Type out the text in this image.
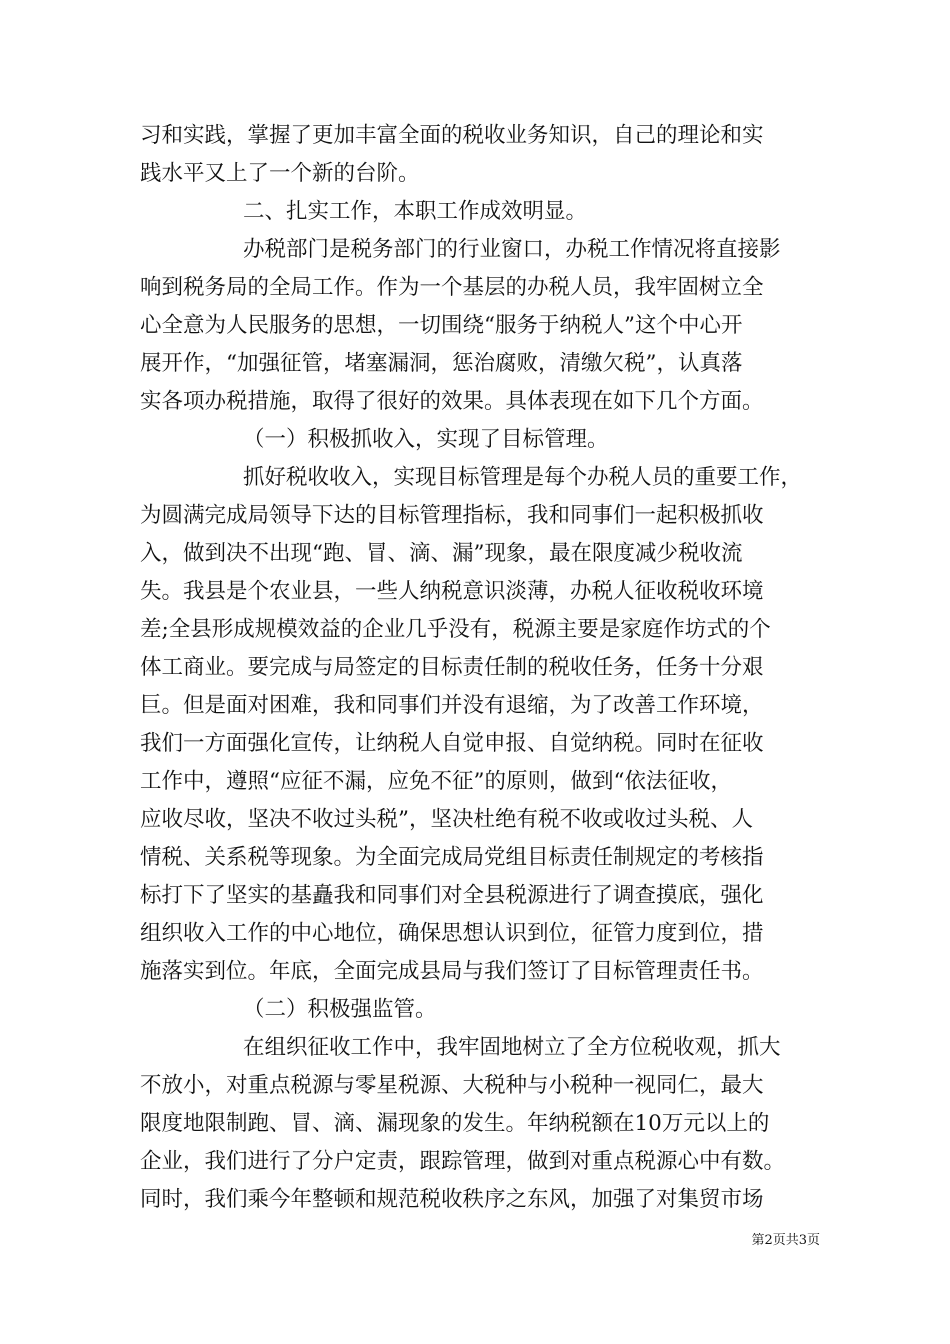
习和实践，掌握了更加丰富全面的税收业务知识，自己的理论和实
践水平又上了一个新的台阶。
二、扎实工作，本职工作成效明显。
办税部门是税务部门的行业窗口，办税工作情况将直接影
响到税务局的全局工作。作为一个基层的办税人员，我牢固树立全
心全意为人民服务的思想，一切围绕“服务于纳税人”这个中心开
展开作，“加强征管，堵塞漏洞，惩治腐败，清缴欠税”，认真落
实各项办税措施，取得了很好的效果。具体表现在如下几个方面。
（一）积极抓收入，实现了目标管理。
抓好税收收入，实现目标管理是每个办税人员的重要工作，
为圆满完成局领导下达的目标管理指标，我和同事们一起积极抓收
入，做到决不出现“跑、冒、滴、漏”现象，最在限度减少税收流
失。我县是个农业县，一些人纳税意识淡薄，办税人征收税收环境
差;全县形成规模效益的企业几乎没有，税源主要是家庭作坊式的个
体工商业。要完成与局签定的目标责任制的税收任务，任务十分艰
巨。但是面对困难，我和同事们并没有退缩，为了改善工作环境，
我们一方面强化宣传，让纳税人自觉申报、自觉纳税。同时在征收
工作中，遵照“应征不漏，应免不征”的原则，做到“依法征收，
应收尽收，坚决不收过头税”，坚决杜绝有税不收或收过头税、人
情税、关系税等现象。为全面完成局党组目标责任制规定的考核指
标打下了坚实的基矗我和同事们对全县税源进行了调查摸底，强化
组织收入工作的中心地位，确保思想认识到位，征管力度到位，措
施落实到位。年底，全面完成县局与我们签订了目标管理责任书。
（二）积极强监管。
在组织征收工作中，我牢固地树立了全方位税收观，抓大
不放小，对重点税源与零星税源、大税种与小税种一视同仁，最大
限度地限制跑、冒、滴、漏现象的发生。年纳税额在10万元以上的
企业，我们进行了分户定责，跟踪管理，做到对重点税源心中有数。
同时，我们乘今年整顿和规范税收秩序之东风，加强了对集贸市场
第2页共3页
